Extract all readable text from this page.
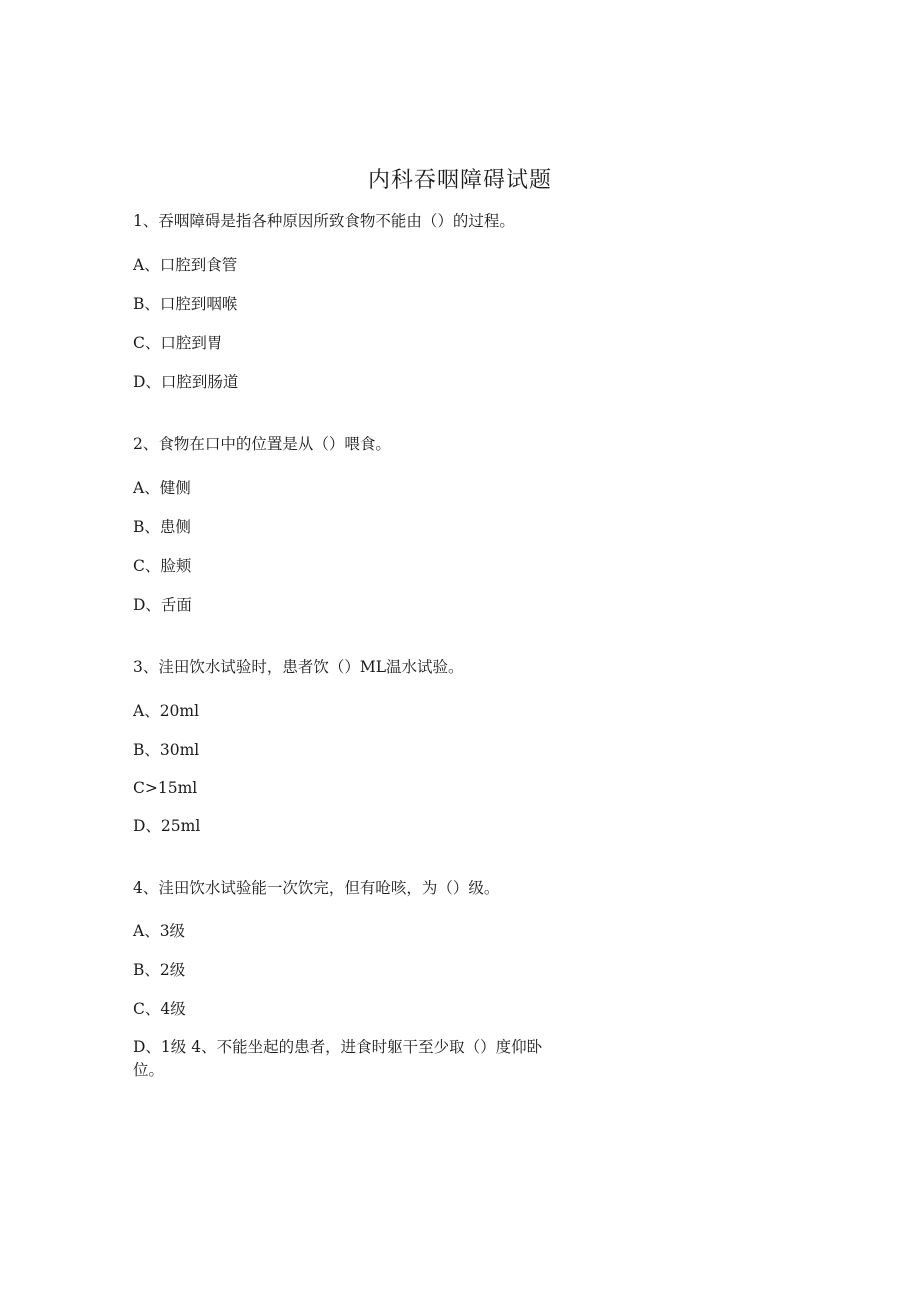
内科吞咽障碍试题
1、吞咽障碍是指各种原因所致食物不能由（）的过程。
A、口腔到食管
B、口腔到咽喉
C、口腔到胃
D、口腔到肠道
2、食物在口中的位置是从（）喂食。
A、健侧
B、患侧
C、脸颊
D、舌面
3、洼田饮水试验时，患者饮（）ML温水试验。
A、20ml
B、30ml
C>15ml
D、25ml
4、洼田饮水试验能一次饮完，但有呛咳，为（）级。
A、3级
B、2级
C、4级
D、1级 4、不能坐起的患者，进食时躯干至少取（）度仰卧位。
